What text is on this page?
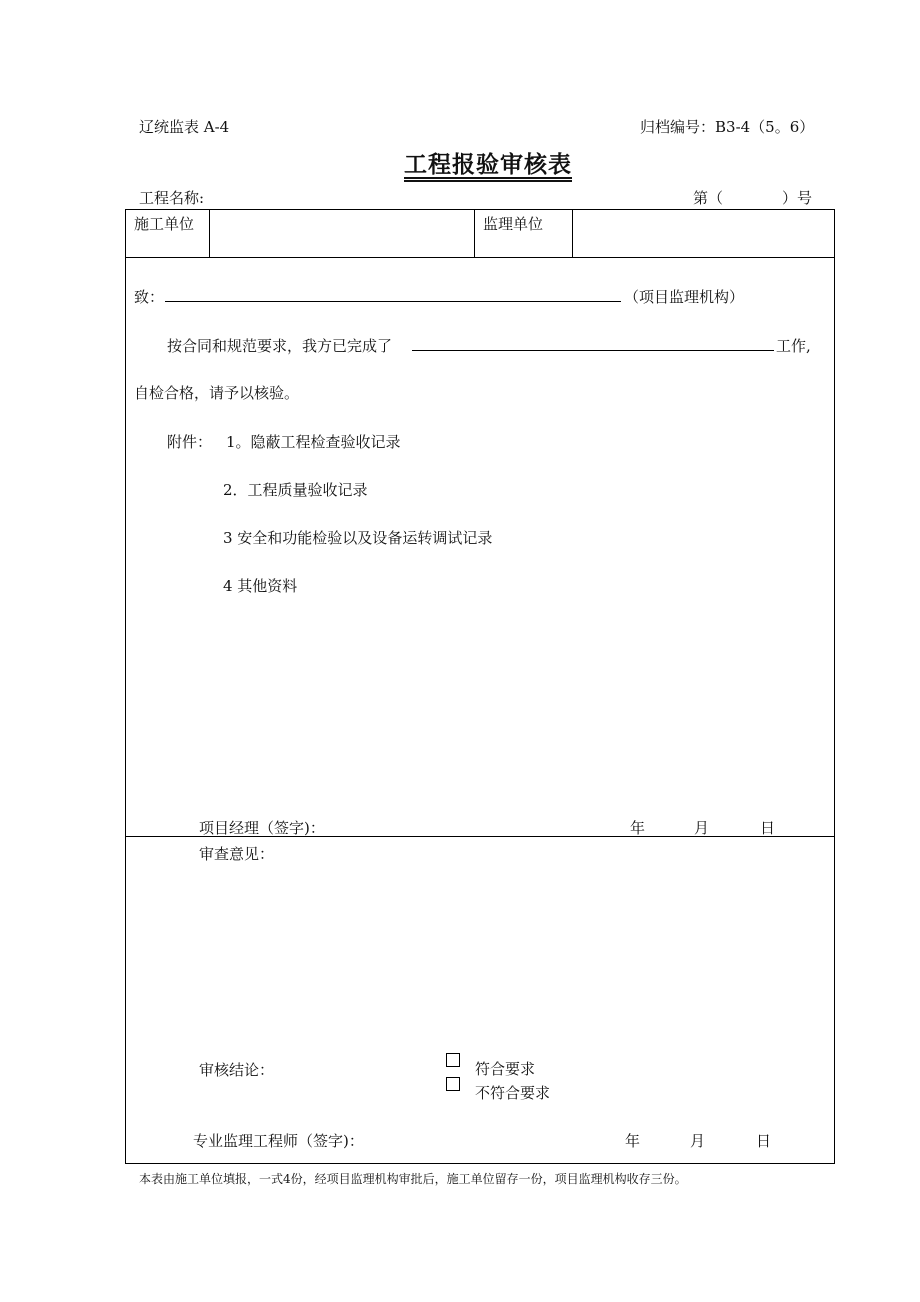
辽统监表 A-4	归档编号：B3-4（5。6）
工程报验审核表
工程名称:	第（	）号
施工单位	监理单位
致：	（项目监理机构）
按合同和规范要求，我方已完成了	工作,
自检合格，请予以核验。
附件： 1。隐蔽工程检查验收记录
2．工程质量验收记录
3 安全和功能检验以及设备运转调试记录
4 其他资料
项目经理（签字)：	年	月	日
审查意见：
审核结论：	符合要求
不符合要求
专业监理工程师（签字)：	年	月	日
本表由施工单位填报，一式4份，经项目监理机构审批后，施工单位留存一份，项目监理机构收存三份。
